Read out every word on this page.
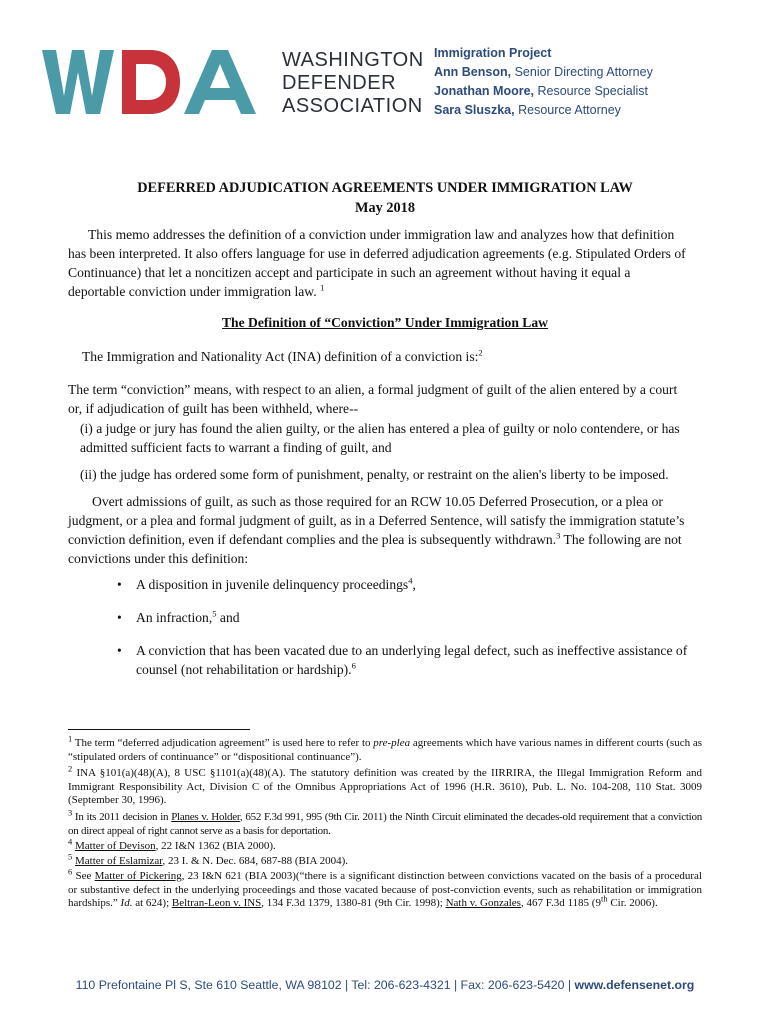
WASHINGTON
DEFENDER
ASSOCIATION
Immigration Project
Ann Benson, Senior Directing Attorney
Jonathan Moore, Resource Specialist
Sara Sluszka, Resource Attorney
DEFERRED ADJUDICATION AGREEMENTS UNDER IMMIGRATION LAW
May 2018
This memo addresses the definition of a conviction under immigration law and analyzes how that definition
has been interpreted. It also offers language for use in deferred adjudication agreements (e.g. Stipulated Orders of
Continuance) that let a noncitizen accept and participate in such an agreement without having it equal a
deportable conviction under immigration law. $^1$
The Definition of “Conviction” Under Immigration Law
The Immigration and Nationality Act (INA) definition of a conviction is:$^2$
The term “conviction” means, with respect to an alien, a formal judgment of guilt of the alien entered by a court
or, if adjudication of guilt has been withheld, where--
(i) a judge or jury has found the alien guilty, or the alien has entered a plea of guilty or nolo contendere, or has
admitted sufficient facts to warrant a finding of guilt, and
(ii) the judge has ordered some form of punishment, penalty, or restraint on the alien's liberty to be imposed.
Overt admissions of guilt, as such as those required for an RCW 10.05 Deferred Prosecution, or a plea or
judgment, or a plea and formal judgment of guilt, as in a Deferred Sentence, will satisfy the immigration statute’s
conviction definition, even if defendant complies and the plea is subsequently withdrawn.$^3$ The following are not
convictions under this definition:
• A disposition in juvenile delinquency proceedings$^4$,
• An infraction,$^5$ and
• A conviction that has been vacated due to an underlying legal defect, such as ineffective assistance of
counsel (not rehabilitation or hardship).$^6$
$^1$ The term “deferred adjudication agreement” is used here to refer to pre-plea agreements which have various names in different courts (such as “stipulated orders of continuance” or “dispositional continuance”).
$^2$ INA §101(a)(48)(A), 8 USC §1101(a)(48)(A). The statutory definition was created by the IIRRIRA, the Illegal Immigration Reform and Immigrant Responsibility Act, Division C of the Omnibus Appropriations Act of 1996 (H.R. 3610), Pub. L. No. 104-208, 110 Stat. 3009 (September 30, 1996).
$^3$ In its 2011 decision in Planes v. Holder, 652 F.3d 991, 995 (9th Cir. 2011) the Ninth Circuit eliminated the decades-old requirement that a conviction on direct appeal of right cannot serve as a basis for deportation.
$^4$ Matter of Devison, 22 I&N 1362 (BIA 2000).
$^5$ Matter of Eslamizar, 23 I. & N. Dec. 684, 687-88 (BIA 2004).
$^6$ See Matter of Pickering, 23 I&N 621 (BIA 2003)(“there is a significant distinction between convictions vacated on the basis of a procedural or substantive defect in the underlying proceedings and those vacated because of post-conviction events, such as rehabilitation or immigration hardships.” Id. at 624); Beltran-Leon v. INS, 134 F.3d 1379, 1380-81 (9th Cir. 1998); Nath v. Gonzales, 467 F.3d 1185 (9th Cir. 2006).
110 Prefontaine Pl S, Ste 610 Seattle, WA 98102 | Tel: 206-623-4321 | Fax: 206-623-5420 | www.defensenet.org
